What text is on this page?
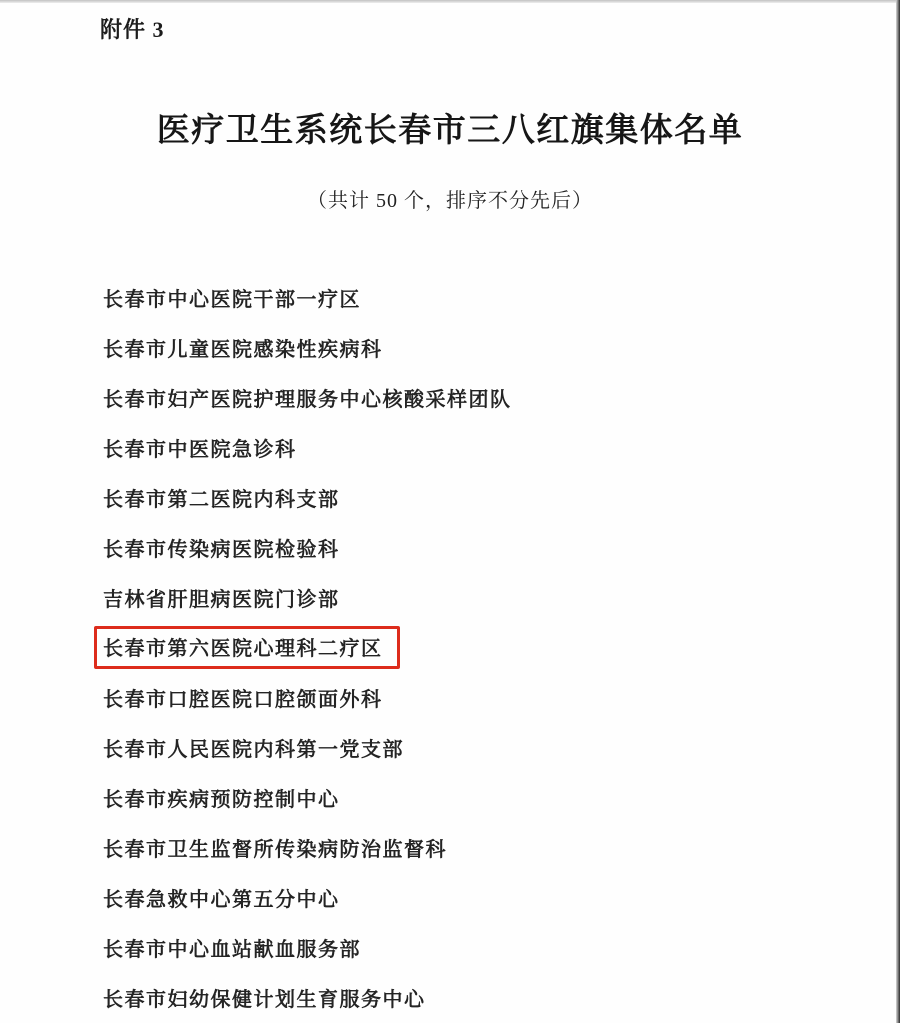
附件 3
医疗卫生系统长春市三八红旗集体名单
（共计 50 个，排序不分先后）
长春市中心医院干部一疗区
长春市儿童医院感染性疾病科
长春市妇产医院护理服务中心核酸采样团队
长春市中医院急诊科
长春市第二医院内科支部
长春市传染病医院检验科
吉林省肝胆病医院门诊部
长春市第六医院心理科二疗区
长春市口腔医院口腔颌面外科
长春市人民医院内科第一党支部
长春市疾病预防控制中心
长春市卫生监督所传染病防治监督科
长春急救中心第五分中心
长春市中心血站献血服务部
长春市妇幼保健计划生育服务中心
